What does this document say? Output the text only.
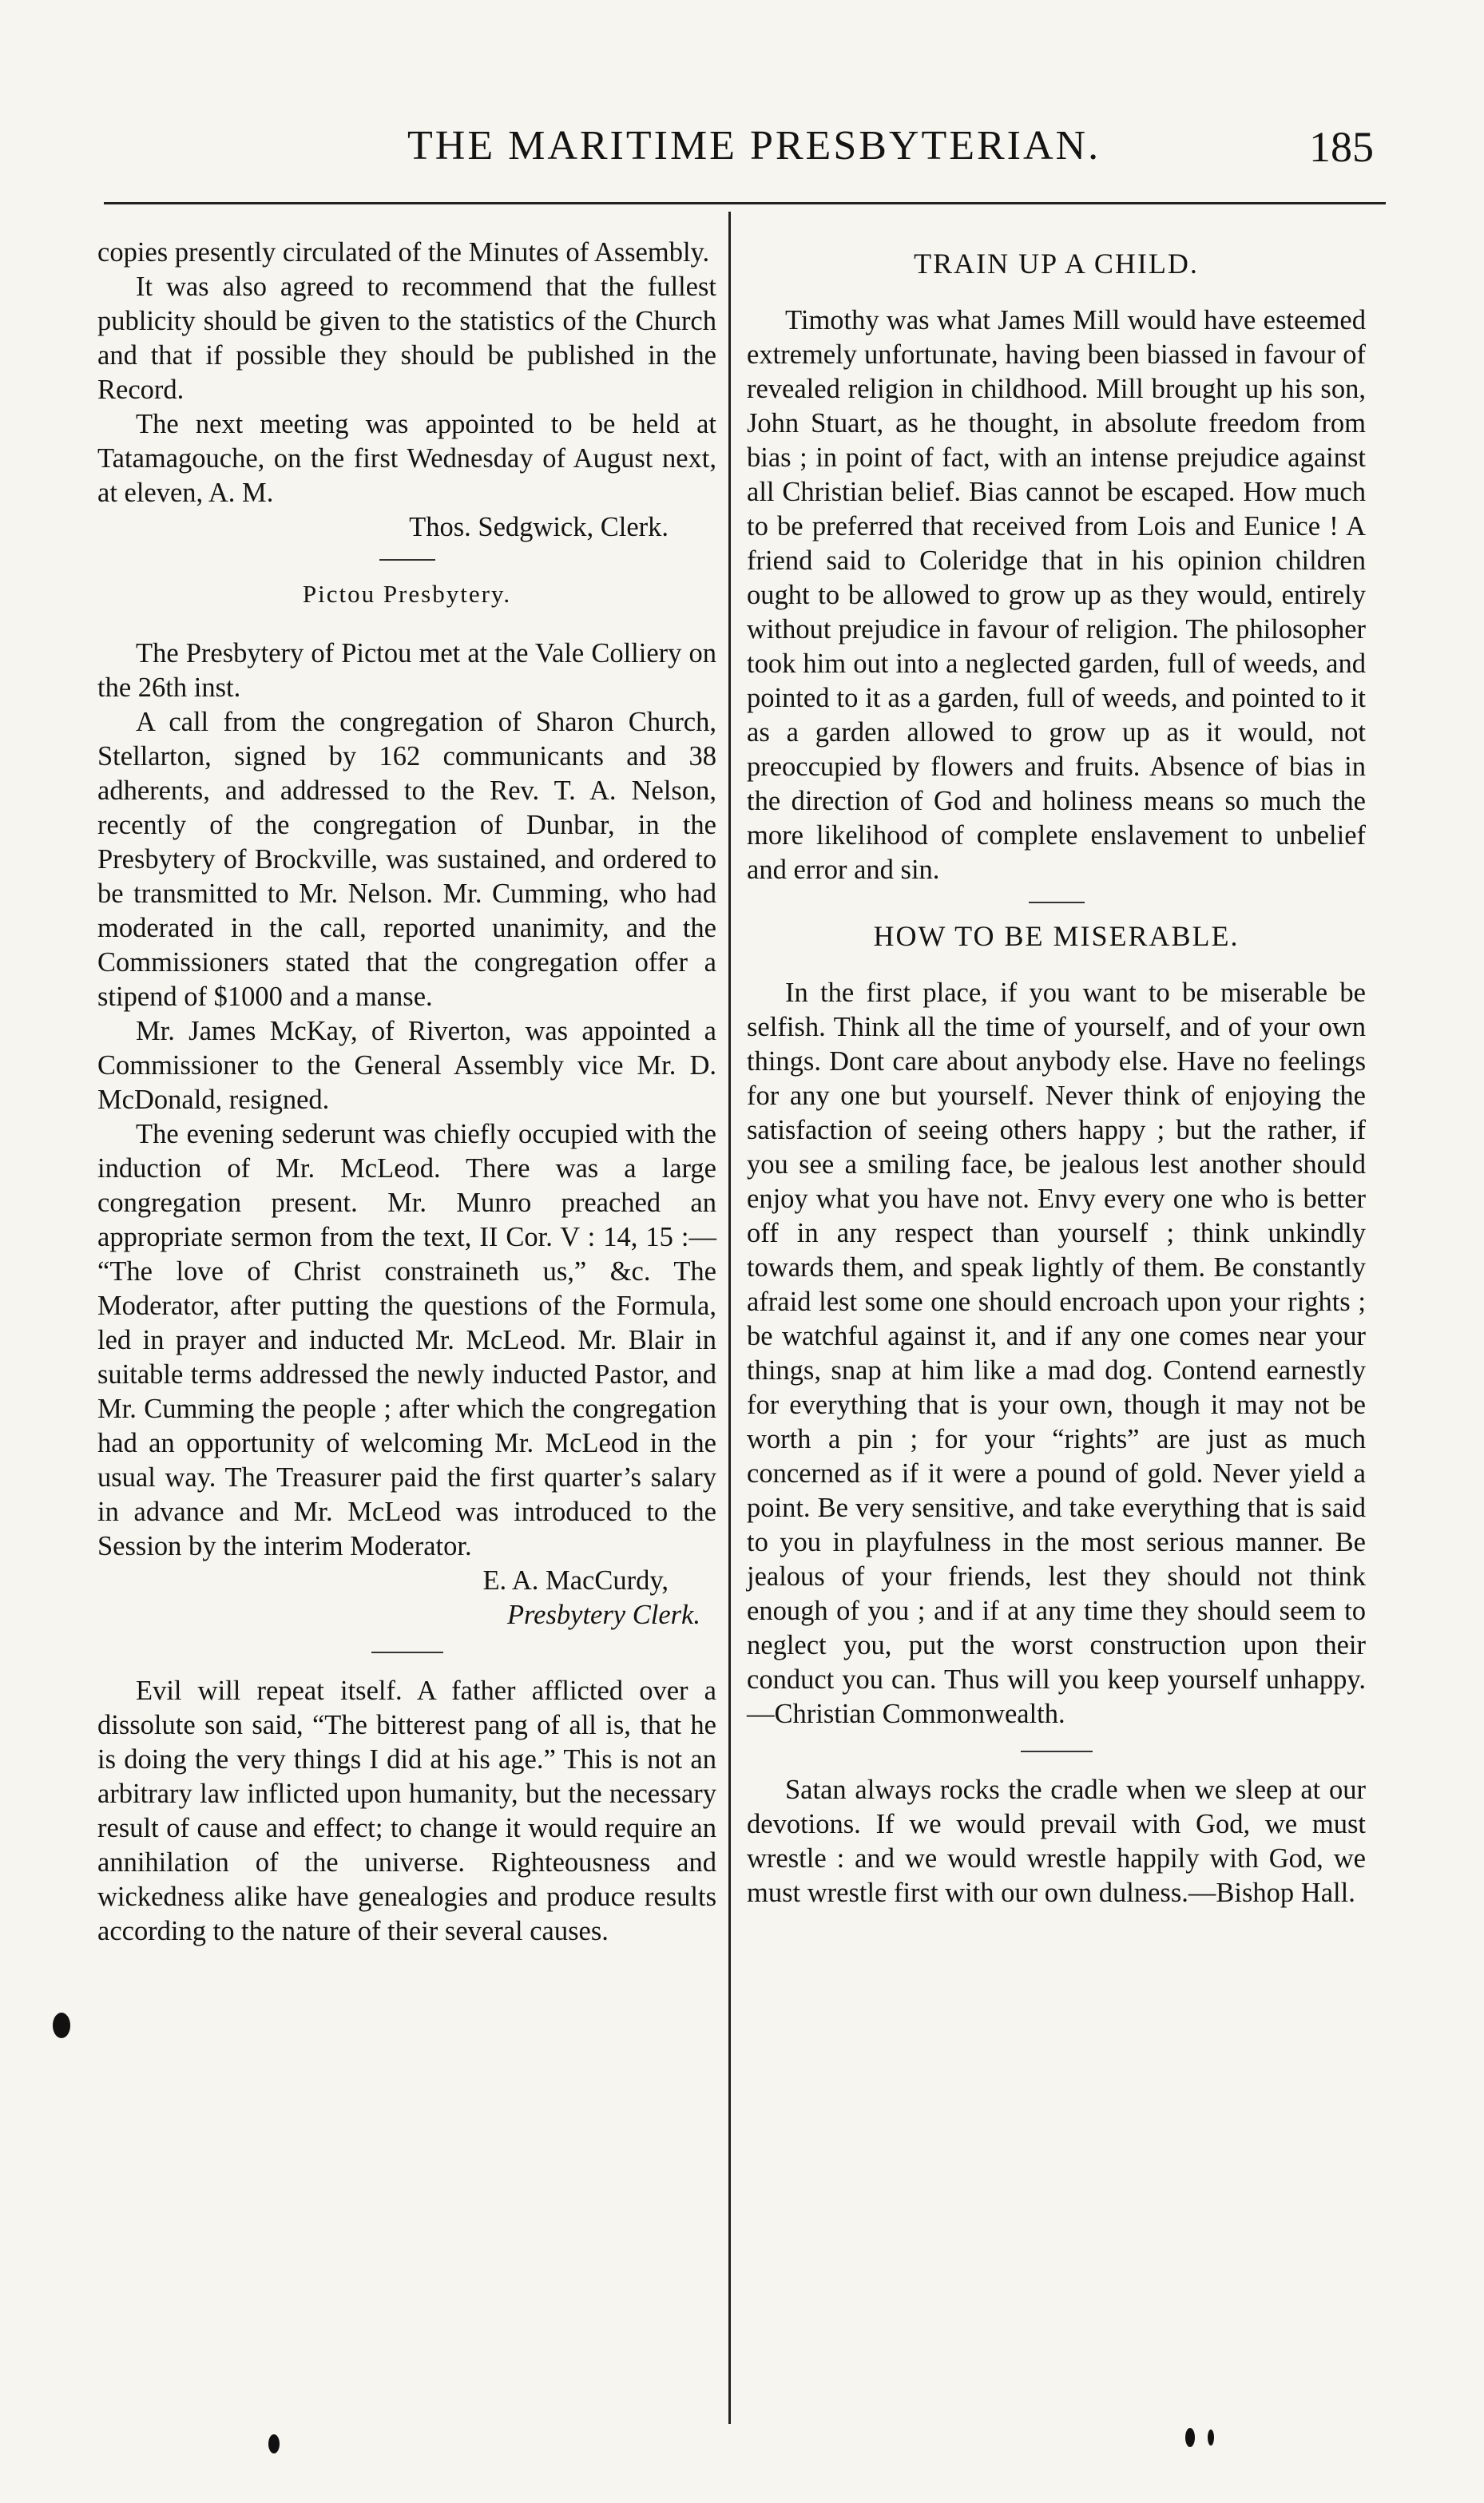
THE MARITIME PRESBYTERIAN.	185

copies presently circulated of the Minutes of Assembly.

It was also agreed to recommend that the fullest publicity should be given to the statistics of the Church and that if possible they should be published in the Record.

The next meeting was appointed to be held at Tatamagouche, on the first Wednesday of August next, at eleven, A. M.

Thos. Sedgwick, Clerk.
Pictou Presbytery.

The Presbytery of Pictou met at the Vale Colliery on the 26th inst.

A call from the congregation of Sharon Church, Stellarton, signed by 162 communicants and 38 adherents, and addressed to the Rev. T. A. Nelson, recently of the congregation of Dunbar, in the Presbytery of Brockville, was sustained, and ordered to be transmitted to Mr. Nelson. Mr. Cumming, who had moderated in the call, reported unanimity, and the Commissioners stated that the congregation offer a stipend of $1000 and a manse.

Mr. James McKay, of Riverton, was appointed a Commissioner to the General Assembly vice Mr. D. McDonald, resigned.

The evening sederunt was chiefly occupied with the induction of Mr. McLeod. There was a large congregation present. Mr. Munro preached an appropriate sermon from the text, II Cor. V : 14, 15 :— “The love of Christ constraineth us,” &c. The Moderator, after putting the questions of the Formula, led in prayer and inducted Mr. McLeod. Mr. Blair in suitable terms addressed the newly inducted Pastor, and Mr. Cumming the people ; after which the congregation had an opportunity of welcoming Mr. McLeod in the usual way. The Treasurer paid the first quarter’s salary in advance and Mr. McLeod was introduced to the Session by the interim Moderator.

E. A. MacCurdy,
Presbytery Clerk.

Evil will repeat itself. A father afflicted over a dissolute son said, “The bitterest pang of all is, that he is doing the very things I did at his age.” This is not an arbitrary law inflicted upon humanity, but the necessary result of cause and effect; to change it would require an annihilation of the universe. Righteousness and wickedness alike have genealogies and produce results according to the nature of their several causes.

TRAIN UP A CHILD.

Timothy was what James Mill would have esteemed extremely unfortunate, having been biassed in favour of revealed religion in childhood. Mill brought up his son, John Stuart, as he thought, in absolute freedom from bias ; in point of fact, with an intense prejudice against all Christian belief. Bias cannot be escaped. How much to be preferred that received from Lois and Eunice ! A friend said to Coleridge that in his opinion children ought to be allowed to grow up as they would, entirely without prejudice in favour of religion. The philosopher took him out into a neglected garden, full of weeds, and pointed to it as a garden, full of weeds, and pointed to it as a garden allowed to grow up as it would, not preoccupied by flowers and fruits. Absence of bias in the direction of God and holiness means so much the more likelihood of complete enslavement to unbelief and error and sin.

HOW TO BE MISERABLE.

In the first place, if you want to be miserable be selfish. Think all the time of yourself, and of your own things. Dont care about anybody else. Have no feelings for any one but yourself. Never think of enjoying the satisfaction of seeing others happy ; but the rather, if you see a smiling face, be jealous lest another should enjoy what you have not. Envy every one who is better off in any respect than yourself ; think unkindly towards them, and speak lightly of them. Be constantly afraid lest some one should encroach upon your rights ; be watchful against it, and if any one comes near your things, snap at him like a mad dog. Contend earnestly for everything that is your own, though it may not be worth a pin ; for your “rights” are just as much concerned as if it were a pound of gold. Never yield a point. Be very sensitive, and take everything that is said to you in playfulness in the most serious manner. Be jealous of your friends, lest they should not think enough of you ; and if at any time they should seem to neglect you, put the worst construction upon their conduct you can. Thus will you keep yourself unhappy.—Christian Commonwealth.

Satan always rocks the cradle when we sleep at our devotions. If we would prevail with God, we must wrestle : and we would wrestle happily with God, we must wrestle first with our own dulness.—Bishop Hall.
